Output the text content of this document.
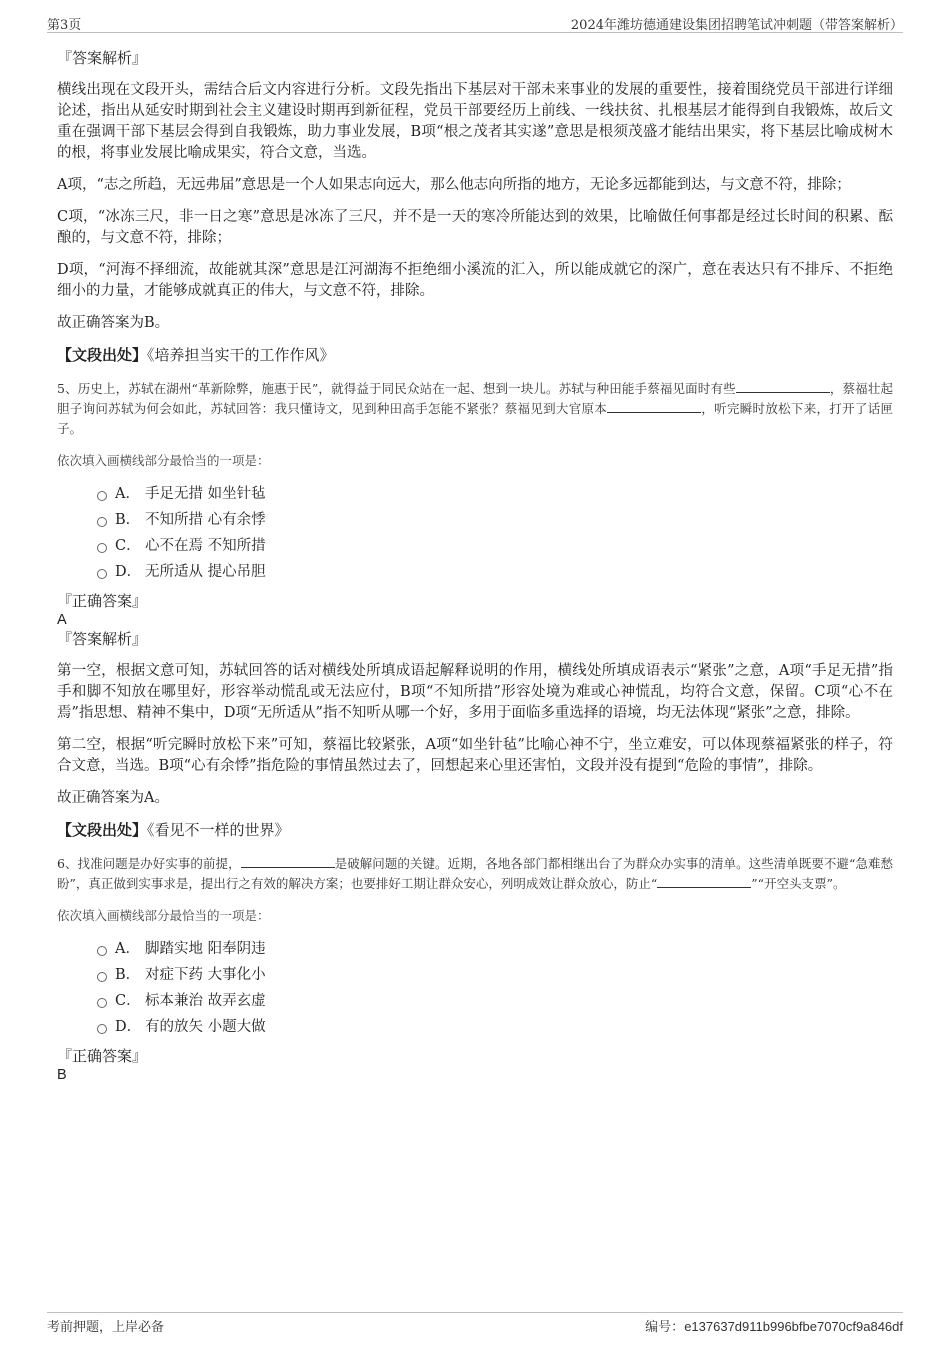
第3页	2024年潍坊德通建设集团招聘笔试冲刺题（带答案解析）

『答案解析』

横线出现在文段开头，需结合后文内容进行分析。文段先指出下基层对干部未来事业的发展的重要性，接着围绕党员干部进行详细论述，指出从延安时期到社会主义建设时期再到新征程，党员干部要经历上前线、一线扶贫、扎根基层才能得到自我锻炼，故后文重在强调干部下基层会得到自我锻炼，助力事业发展，B项“根之茂者其实遂”意思是根须茂盛才能结出果实，将下基层比喻成树木的根，将事业发展比喻成果实，符合文意，当选。

A项，“志之所趋，无远弗届”意思是一个人如果志向远大，那么他志向所指的地方，无论多远都能到达，与文意不符，排除；

C项，“冰冻三尺，非一日之寒”意思是冰冻了三尺，并不是一天的寒冷所能达到的效果，比喻做任何事都是经过长时间的积累、酝酿的，与文意不符，排除；

D项，“河海不择细流，故能就其深”意思是江河湖海不拒绝细小溪流的汇入，所以能成就它的深广，意在表达只有不排斥、不拒绝细小的力量，才能够成就真正的伟大，与文意不符，排除。

故正确答案为B。

【文段出处】《培养担当实干的工作作风》

5、历史上，苏轼在湖州“革新除弊，施惠于民”，就得益于同民众站在一起、想到一块儿。苏轼与种田能手蔡福见面时有些	，蔡福壮起胆子询问苏轼为何会如此，苏轼回答：我只懂诗文，见到种田高手怎能不紧张？蔡福见到大官原本	，听完瞬时放松下来，打开了话匣子。

依次填入画横线部分最恰当的一项是：

A． 手足无措 如坐针毡
B． 不知所措 心有余悸
C． 心不在焉 不知所措
D． 无所适从 提心吊胆

『正确答案』

A

『答案解析』

第一空，根据文意可知，苏轼回答的话对横线处所填成语起解释说明的作用，横线处所填成语表示“紧张”之意，A项“手足无措”指手和脚不知放在哪里好，形容举动慌乱或无法应付，B项“不知所措”形容处境为难或心神慌乱，均符合文意，保留。C项“心不在焉”指思想、精神不集中，D项“无所适从”指不知听从哪一个好，多用于面临多重选择的语境，均无法体现“紧张”之意，排除。

第二空，根据“听完瞬时放松下来”可知，蔡福比较紧张，A项“如坐针毡”比喻心神不宁，坐立难安，可以体现蔡福紧张的样子，符合文意，当选。B项“心有余悸”指危险的事情虽然过去了，回想起来心里还害怕，文段并没有提到“危险的事情”，排除。

故正确答案为A。

【文段出处】《看见不一样的世界》

6、找准问题是办好实事的前提，	是破解问题的关键。近期，各地各部门都相继出台了为群众办实事的清单。这些清单既要不避“急难愁盼”，真正做到实事求是，提出行之有效的解决方案；也要排好工期让群众安心，列明成效让群众放心，防止“	”“开空头支票”。

依次填入画横线部分最恰当的一项是：

A． 脚踏实地 阳奉阴违
B． 对症下药 大事化小
C． 标本兼治 故弄玄虚
D． 有的放矢 小题大做

『正确答案』

B

考前押题，上岸必备	编号：e137637d911b996bfbe7070cf9a846df
